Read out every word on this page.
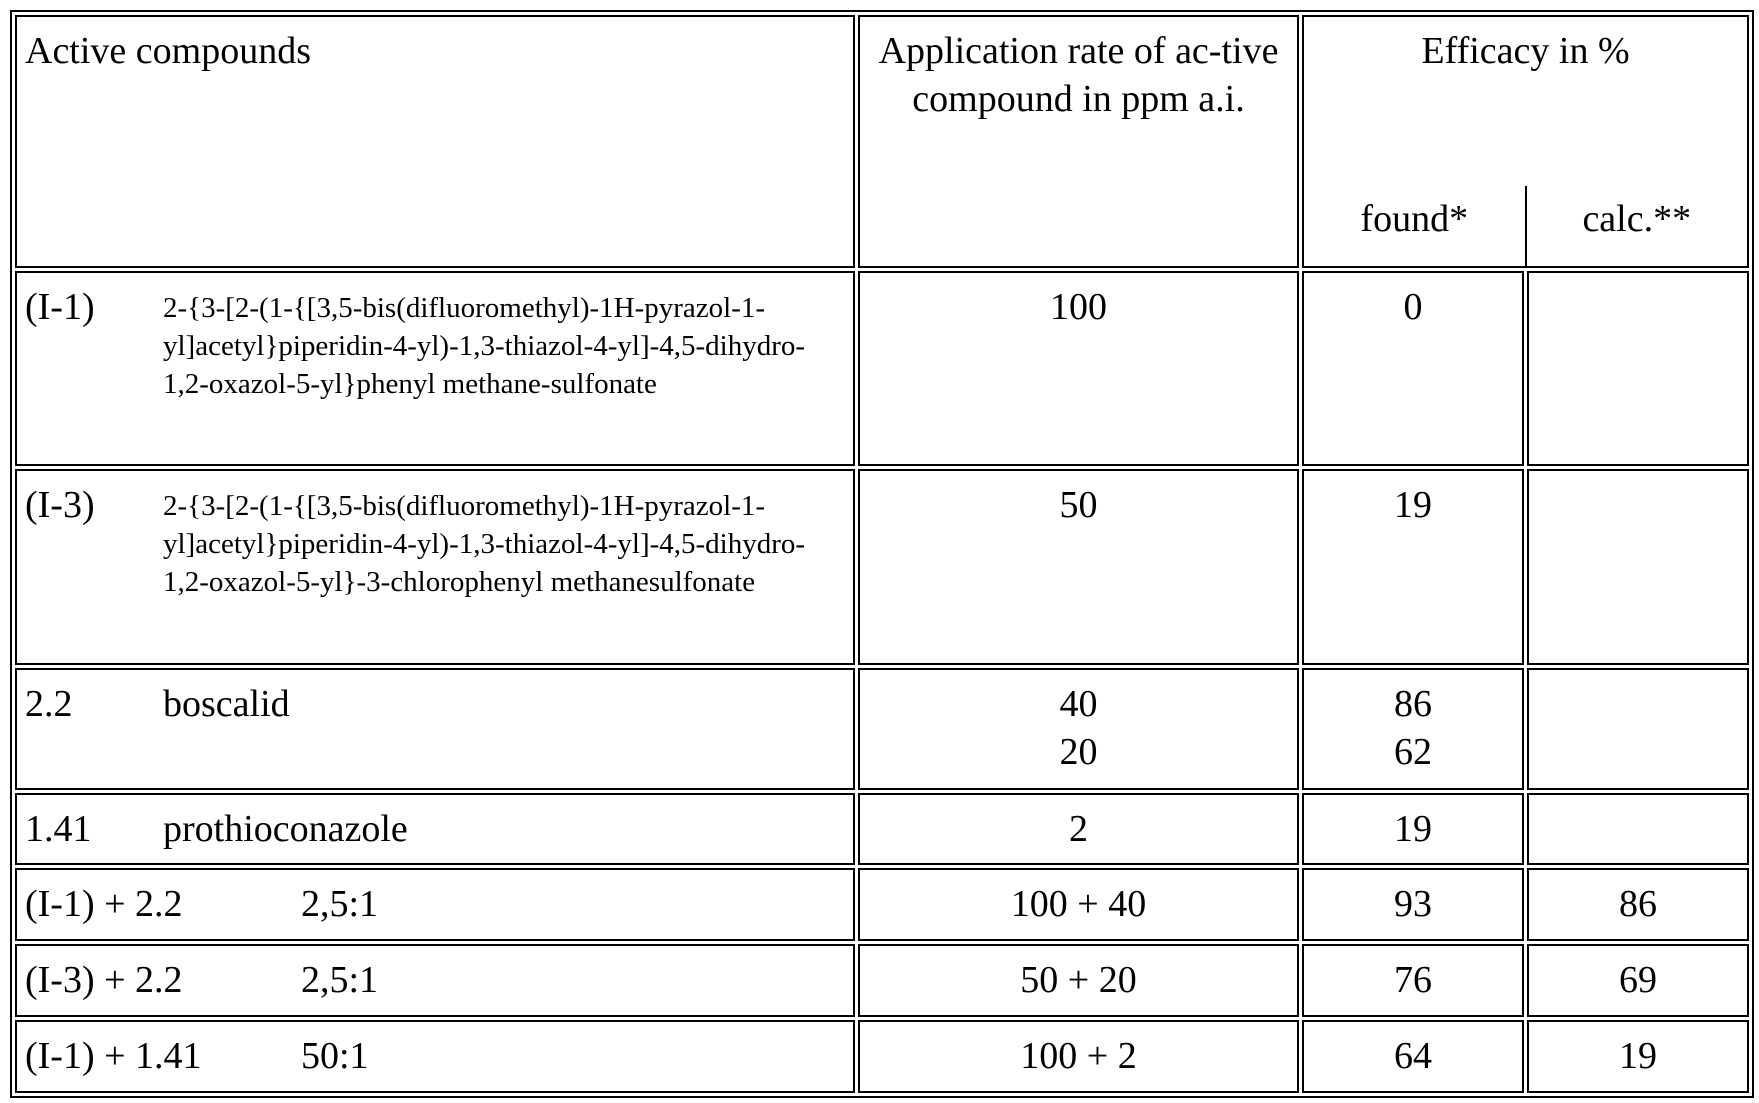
Active compounds	Application rate of ac-tive compound in ppm a.i.	
Efficacy in %
found*	calc.**

(I-1) 2-{3-[2-(1-{[3,5-bis(difluoromethyl)-1H-pyrazol-1-yl]acetyl}piperidin-4-yl)-1,3-thiazol-4-yl]-4,5-dihydro-1,2-oxazol-5-yl}phenyl methane-sulfonate	100	0	
(I-3) 2-{3-[2-(1-{[3,5-bis(difluoromethyl)-1H-pyrazol-1-yl]acetyl}piperidin-4-yl)-1,3-thiazol-4-yl]-4,5-dihydro-1,2-oxazol-5-yl}-3-chlorophenyl methanesulfonate	50	19	
2.2 boscalid	40
20

86
62

1.41 prothioconazole	2	19	
(I-1) + 2.2	2,5:1	100 + 40	93	86
(I-3) + 2.2	2,5:1	50 + 20	76	69
(I-1) + 1.41	50:1	100 + 2	64	19
